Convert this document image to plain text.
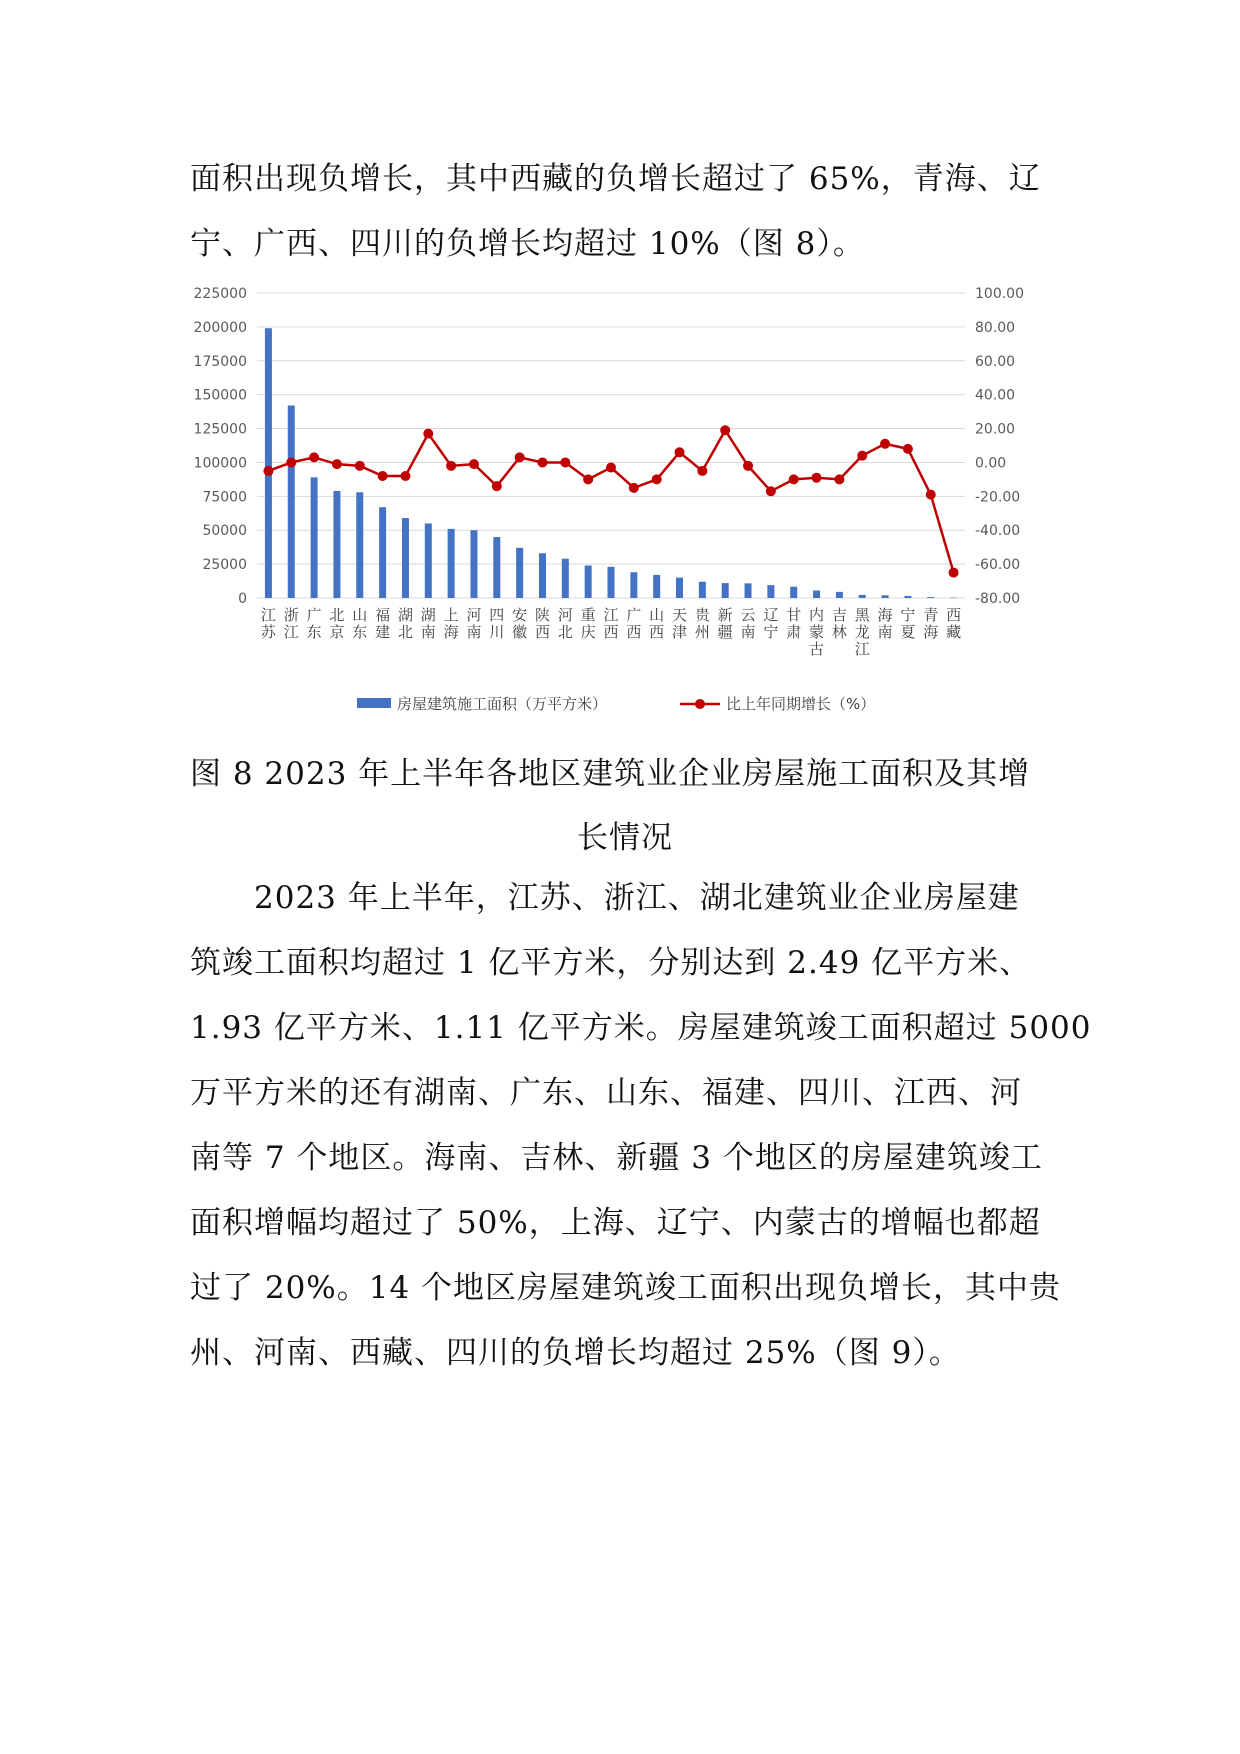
面积出现负增长，其中西藏的负增长超过了 65%，青海、辽
宁、广西、四川的负增长均超过 10%（图 8）。
0
25000
50000
75000
100000
125000
150000
175000
200000
225000
-80.00
-60.00
-40.00
-20.00
0.00
20.00
40.00
60.00
80.00
100.00
江苏
浙江
广东
北京
山东
福建
湖北
湖南
上海
河南
四川
安徽
陕西
河北
重庆
江西
广西
山西
天津
贵州
新疆
云南
辽宁
甘肃
内蒙古
吉林
黑龙江
海南
宁夏
青海
西藏
房屋建筑施工面积（万平方米）	比上年同期增长（%）
图 8 2023 年上半年各地区建筑业企业房屋施工面积及其增
长情况
2023 年上半年，江苏、浙江、湖北建筑业企业房屋建
筑竣工面积均超过 1 亿平方米，分别达到 2.49 亿平方米、
1.93 亿平方米、1.11 亿平方米。房屋建筑竣工面积超过 5000
万平方米的还有湖南、广东、山东、福建、四川、江西、河
南等 7 个地区。海南、吉林、新疆 3 个地区的房屋建筑竣工
面积增幅均超过了 50%，上海、辽宁、内蒙古的增幅也都超
过了 20%。14 个地区房屋建筑竣工面积出现负增长，其中贵
州、河南、西藏、四川的负增长均超过 25%（图 9）。
